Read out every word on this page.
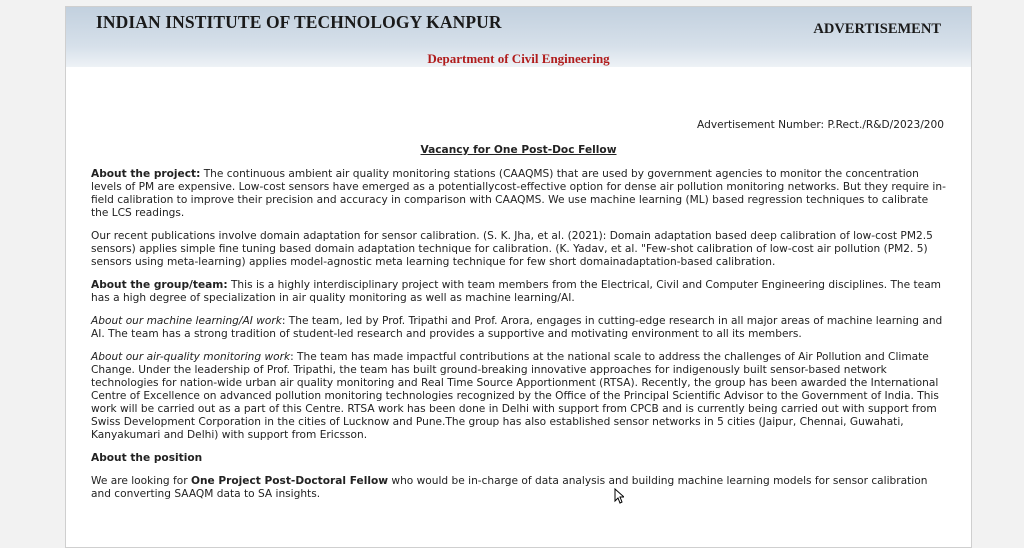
INDIAN INSTITUTE OF TECHNOLOGY KANPUR	ADVERTISEMENT
Department of Civil Engineering
Advertisement Number: P.Rect./R&D/2023/200
Vacancy for One Post-Doc Fellow

About the project: The continuous ambient air quality monitoring stations (CAAQMS) that are used by government agencies to monitor the concentration levels of PM are expensive. Low-cost sensors have emerged as a potentiallycost-effective option for dense air pollution monitoring networks. But they require in-field calibration to improve their precision and accuracy in comparison with CAAQMS. We use machine learning (ML) based regression techniques to calibrate the LCS readings.

Our recent publications involve domain adaptation for sensor calibration. (S. K. Jha, et al. (2021): Domain adaptation based deep calibration of low-cost PM2.5 sensors) applies simple fine tuning based domain adaptation technique for calibration. (K. Yadav, et al. "Few-shot calibration of low-cost air pollution (PM2. 5) sensors using meta-learning) applies model-agnostic meta learning technique for few short domainadaptation-based calibration.

About the group/team: This is a highly interdisciplinary project with team members from the Electrical, Civil and Computer Engineering disciplines. The team has a high degree of specialization in air quality monitoring as well as machine learning/AI.

About our machine learning/AI work: The team, led by Prof. Tripathi and Prof. Arora, engages in cutting-edge research in all major areas of machine learning and AI. The team has a strong tradition of student-led research and provides a supportive and motivating environment to all its members.

About our air-quality monitoring work: The team has made impactful contributions at the national scale to address the challenges of Air Pollution and Climate Change. Under the leadership of Prof. Tripathi, the team has built ground-breaking innovative approaches for indigenously built sensor-based network technologies for nation-wide urban air quality monitoring and Real Time Source Apportionment (RTSA). Recently, the group has been awarded the International Centre of Excellence on advanced pollution monitoring technologies recognized by the Office of the Principal Scientific Advisor to the Government of India. This work will be carried out as a part of this Centre. RTSA work has been done in Delhi with support from CPCB and is currently being carried out with support from Swiss Development Corporation in the cities of Lucknow and Pune.The group has also established sensor networks in 5 cities (Jaipur, Chennai, Guwahati, Kanyakumari and Delhi) with support from Ericsson.

About the position

We are looking for One Project Post-Doctoral Fellow who would be in-charge of data analysis and building machine learning models for sensor calibration and converting SAAQM data to SA insights.
